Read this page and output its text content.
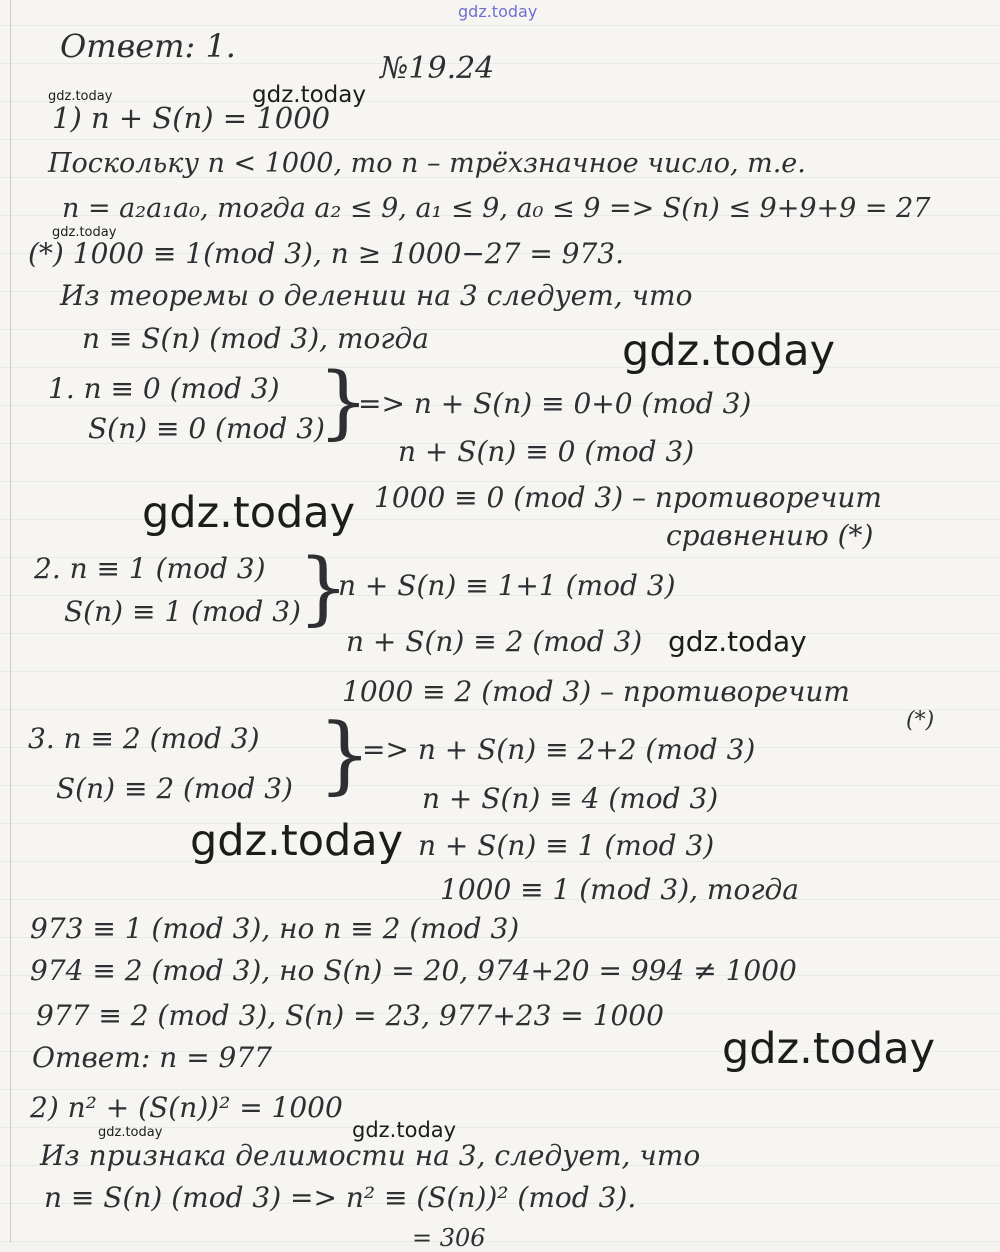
gdz.today
gdz.today	gdz.today
gdz.today
gdz.today
gdz.today
gdz.today
gdz.today
gdz.today
gdz.today	gdz.today
Ответ: 1.
№19.24
1) n + S(n) = 1000
Поскольку n < 1000, то n – трёхзначное число, т.е.
n = a₂a₁a₀, тогда a₂ ≤ 9, a₁ ≤ 9, a₀ ≤ 9 => S(n) ≤ 9+9+9 = 27
(*) 1000 ≡ 1(mod 3), n ≥ 1000−27 = 973.
Из теоремы о делении на 3 следует, что
n ≡ S(n) (mod 3), тогда
1. n ≡ 0 (mod 3)
S(n) ≡ 0 (mod 3)
}
=> n + S(n) ≡ 0+0 (mod 3)
n + S(n) ≡ 0 (mod 3)
1000 ≡ 0 (mod 3) – противоречит
сравнению (*)
2. n ≡ 1 (mod 3)
S(n) ≡ 1 (mod 3)
}
n + S(n) ≡ 1+1 (mod 3)
n + S(n) ≡ 2 (mod 3)
1000 ≡ 2 (mod 3) – противоречит
(*)
3. n ≡ 2 (mod 3)
S(n) ≡ 2 (mod 3) }
=> n + S(n) ≡ 2+2 (mod 3)
n + S(n) ≡ 4 (mod 3)
n + S(n) ≡ 1 (mod 3)
1000 ≡ 1 (mod 3), тогда
973 ≡ 1 (mod 3), но n ≡ 2 (mod 3)
974 ≡ 2 (mod 3), но S(n) = 20, 974+20 = 994 ≠ 1000
977 ≡ 2 (mod 3), S(n) = 23, 977+23 = 1000
Ответ: n = 977
2) n² + (S(n))² = 1000
Из признака делимости на 3, следует, что
n ≡ S(n) (mod 3) => n² ≡ (S(n))² (mod 3).
= 306
